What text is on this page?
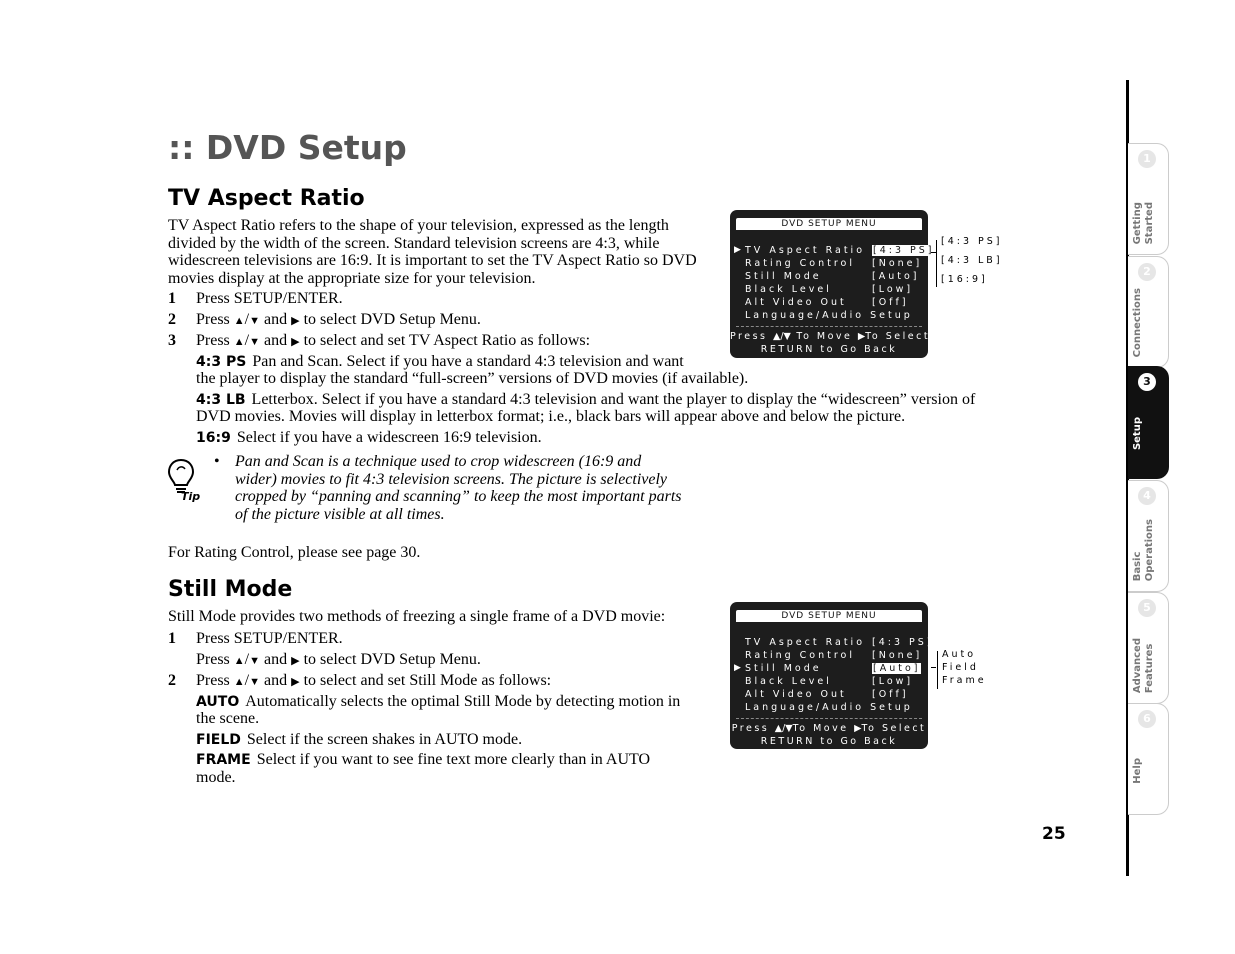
:: DVD Setup
TV Aspect Ratio

TV Aspect Ratio refers to the shape of your television, expressed as the length divided by the width of the screen. Standard television screens are 4:3, while widescreen televisions are 16:9. It is important to set the TV Aspect Ratio so DVD movies display at the appropriate size for your television.

1 Press SETUP/ENTER.
2 Press ▲/▼ and ▶ to select DVD Setup Menu.
3 Press ▲/▼ and ▶ to select and set TV Aspect Ratio as follows:
4:3 PS Pan and Scan. Select if you have a standard 4:3 television and want
the player to display the standard “full-screen” versions of DVD movies (if available).
4:3 LB Letterbox. Select if you have a standard 4:3 television and want the player to display the “widescreen” version of
DVD movies. Movies will display in letterbox format; i.e., black bars will appear above and below the picture.
16:9 Select if you have a widescreen 16:9 television.
Tip
• Pan and Scan is a technique used to crop widescreen (16:9 and wider) movies to fit 4:3 television screens. The picture is selectively cropped by “panning and scanning” to keep the most important parts of the picture visible at all times.

For Rating Control, please see page 30.

Still Mode

Still Mode provides two methods of freezing a single frame of a DVD movie:

1 Press SETUP/ENTER.
Press ▲/▼ and ▶ to select DVD Setup Menu.
2 Press ▲/▼ and ▶ to select and set Still Mode as follows:
AUTO Automatically selects the optimal Still Mode by detecting motion in
the scene.
FIELD Select if the screen shakes in AUTO mode.
FRAME Select if you want to see fine text more clearly than in AUTO
mode.
DVD SETUP MENU
▶ TV Aspect Ratio [4:3 PS]
Rating Control [None]
Still Mode	[Auto]
Black Level	[Low]
Alt Video Out	[Off]
Language/Audio Setup
Press ▲/▼ To Move ▶To Select
RETURN to Go Back
[4:3 PS]
[4:3 LB]
[16:9]
DVD SETUP MENU
TV Aspect Ratio [4:3 PS]
Rating Control [None]
▶ Still Mode	[Auto]
Black Level	[Low]
Alt Video Out	[Off]
Language/Audio Setup
Press ▲/▼To Move ▶To Select
RETURN to Go Back
Auto
Field
Frame
1
Getting
Started
2
Connections
3
Setup
4
Basic
Operations
5
Advanced
Features
6
Help
25
